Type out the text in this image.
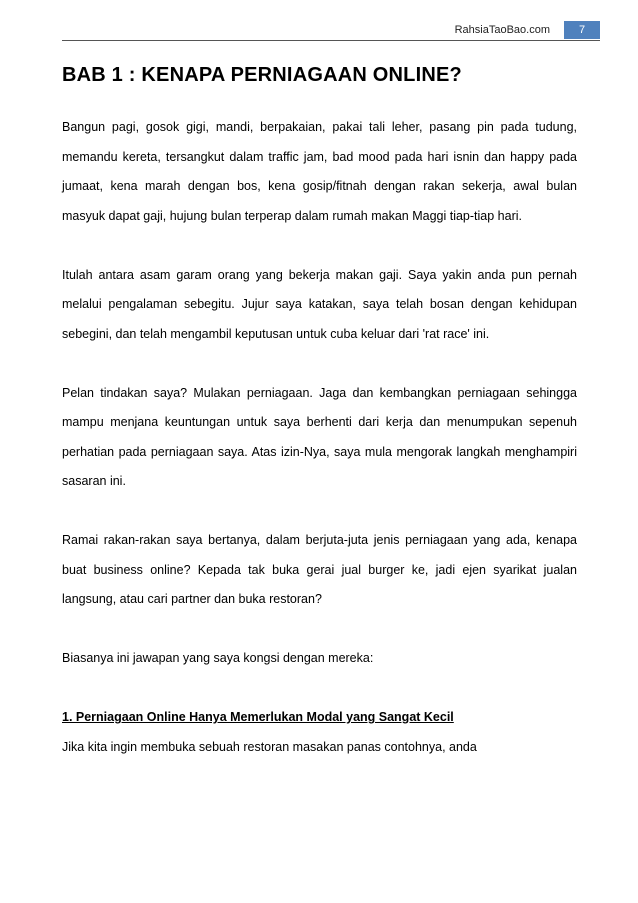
RahsiaTaoBao.com	7
BAB 1 : KENAPA PERNIAGAAN ONLINE?

Bangun pagi, gosok gigi, mandi, berpakaian, pakai tali leher, pasang pin pada tudung, memandu kereta, tersangkut dalam traffic jam, bad mood pada hari isnin dan happy pada jumaat, kena marah dengan bos, kena gosip/fitnah dengan rakan sekerja, awal bulan masyuk dapat gaji, hujung bulan terperap dalam rumah makan Maggi tiap-tiap hari.

Itulah antara asam garam orang yang bekerja makan gaji. Saya yakin anda pun pernah melalui pengalaman sebegitu. Jujur saya katakan, saya telah bosan dengan kehidupan sebegini, dan telah mengambil keputusan untuk cuba keluar dari 'rat race' ini.

Pelan tindakan saya? Mulakan perniagaan. Jaga dan kembangkan perniagaan sehingga mampu menjana keuntungan untuk saya berhenti dari kerja dan menumpukan sepenuh perhatian pada perniagaan saya. Atas izin-Nya, saya mula mengorak langkah menghampiri sasaran ini.

Ramai rakan-rakan saya bertanya, dalam berjuta-juta jenis perniagaan yang ada, kenapa buat business online? Kepada tak buka gerai jual burger ke, jadi ejen syarikat jualan langsung, atau cari partner dan buka restoran?

Biasanya ini jawapan yang saya kongsi dengan mereka:

1. Perniagaan Online Hanya Memerlukan Modal yang Sangat Kecil

Jika kita ingin membuka sebuah restoran masakan panas contohnya, anda
